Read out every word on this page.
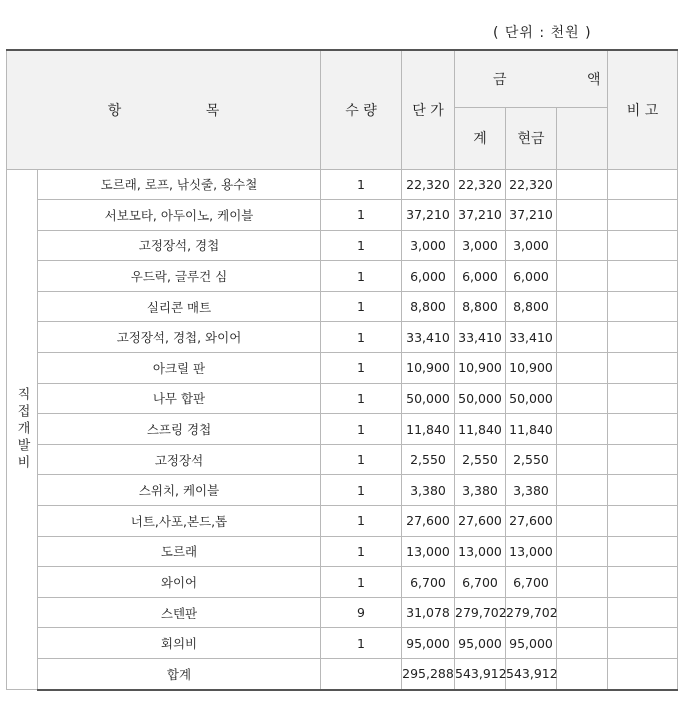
( 단위 : 천원 )
항 목		수 량	단 가	금 액			비 고
				계	현금		
직접개발비	도르래, 로프, 낚싯줄, 용수철	1	22,320	22,320	22,320		
	서보모타, 아두이노, 케이블	1	37,210	37,210	37,210		
	고정장석, 경첩	1	3,000	3,000	3,000		
	우드락, 글루건 심	1	6,000	6,000	6,000		
	실리콘 매트	1	8,800	8,800	8,800		
	고정장석, 경첩, 와이어	1	33,410	33,410	33,410		
	아크릴 판	1	10,900	10,900	10,900		
	나무 합판	1	50,000	50,000	50,000		
	스프링 경첩	1	11,840	11,840	11,840		
	고정장석	1	2,550	2,550	2,550		
	스위치, 케이블	1	3,380	3,380	3,380		
	너트,사포,본드,톱	1	27,600	27,600	27,600		
	도르래	1	13,000	13,000	13,000		
	와이어	1	6,700	6,700	6,700		
	스텐판	9	31,078	279,702	279,702		
	회의비	1	95,000	95,000	95,000		
	합계		295,288	543,912	543,912		
